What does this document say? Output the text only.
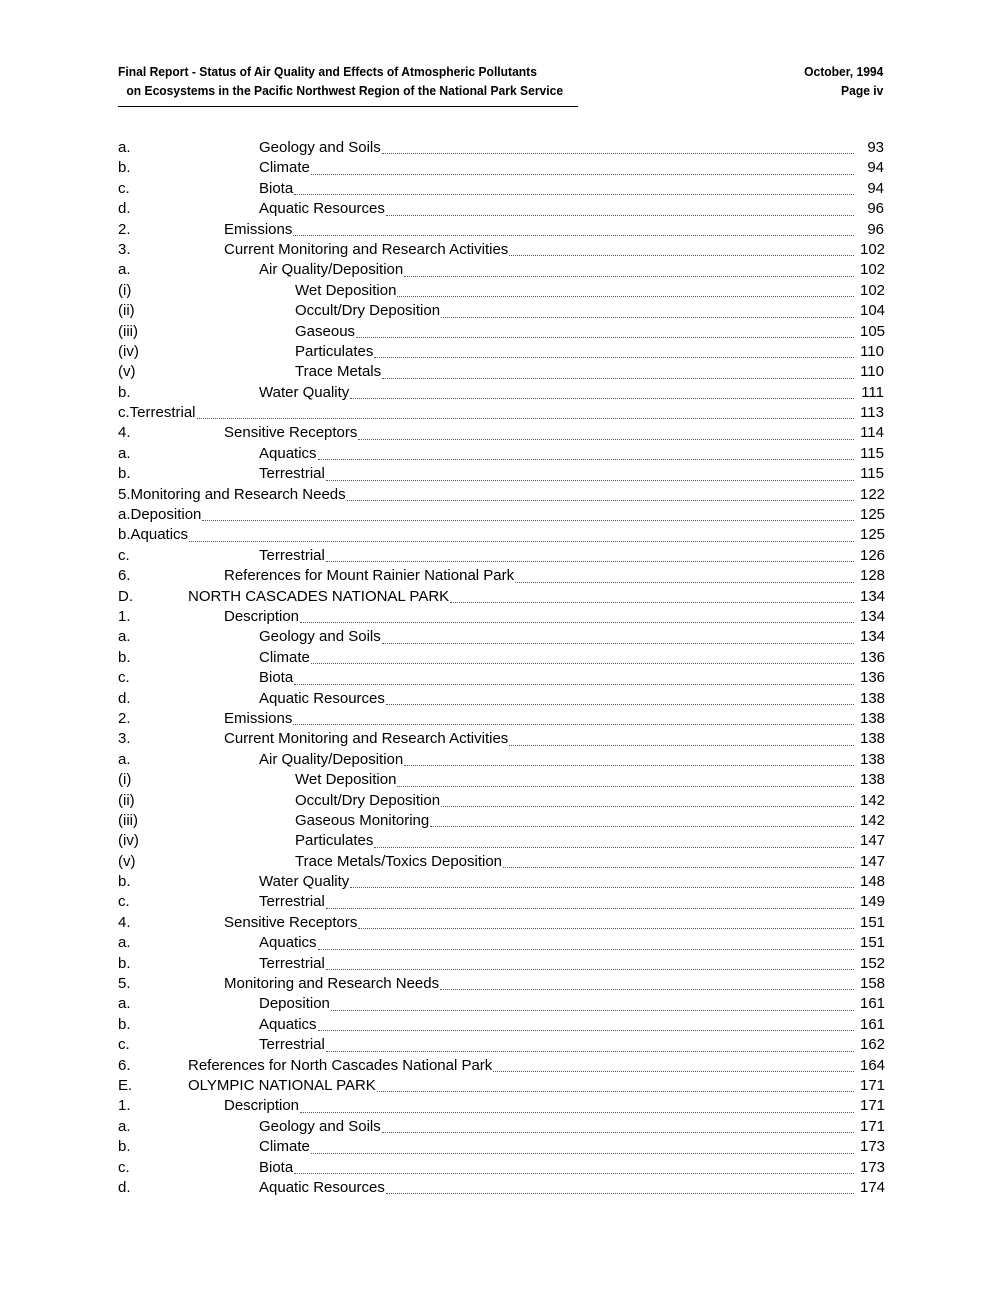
Final Report - Status of Air Quality and Effects of Atmospheric Pollutants	October, 1994
on Ecosystems in the Pacific Northwest Region of the National Park Service	Page iv
a.	Geology and Soils	93
b.	Climate	94
c.	Biota	94
d.	Aquatic Resources	96
2.	Emissions	96
3.	Current Monitoring and Research Activities	102
a.	Air Quality/Deposition	102
(i)	Wet Deposition	102
(ii)	Occult/Dry Deposition	104
(iii)	Gaseous	105
(iv)	Particulates	110
(v)	Trace Metals	110
b.	Water Quality	111
c.Terrestrial	113
4.	Sensitive Receptors	114
a.	Aquatics	115
b.	Terrestrial	115
5.Monitoring and Research Needs	122
a.Deposition	125
b.Aquatics	125
c.	Terrestrial	126
6.	References for Mount Rainier National Park	128
D.	NORTH CASCADES NATIONAL PARK	134
1.	Description	134
a.	Geology and Soils	134
b.	Climate	136
c.	Biota	136
d.	Aquatic Resources	138
2.	Emissions	138
3.	Current Monitoring and Research Activities	138
a.	Air Quality/Deposition	138
(i)	Wet Deposition	138
(ii)	Occult/Dry Deposition	142
(iii)	Gaseous Monitoring	142
(iv)	Particulates	147
(v)	Trace Metals/Toxics Deposition	147
b.	Water Quality	148
c.	Terrestrial	149
4.	Sensitive Receptors	151
a.	Aquatics	151
b.	Terrestrial	152
5.	Monitoring and Research Needs	158
a.	Deposition	161
b.	Aquatics	161
c.	Terrestrial	162
6.	References for North Cascades National Park	164
E.	OLYMPIC NATIONAL PARK	171
1.	Description	171
a.	Geology and Soils	171
b.	Climate	173
c.	Biota	173
d.	Aquatic Resources	174
